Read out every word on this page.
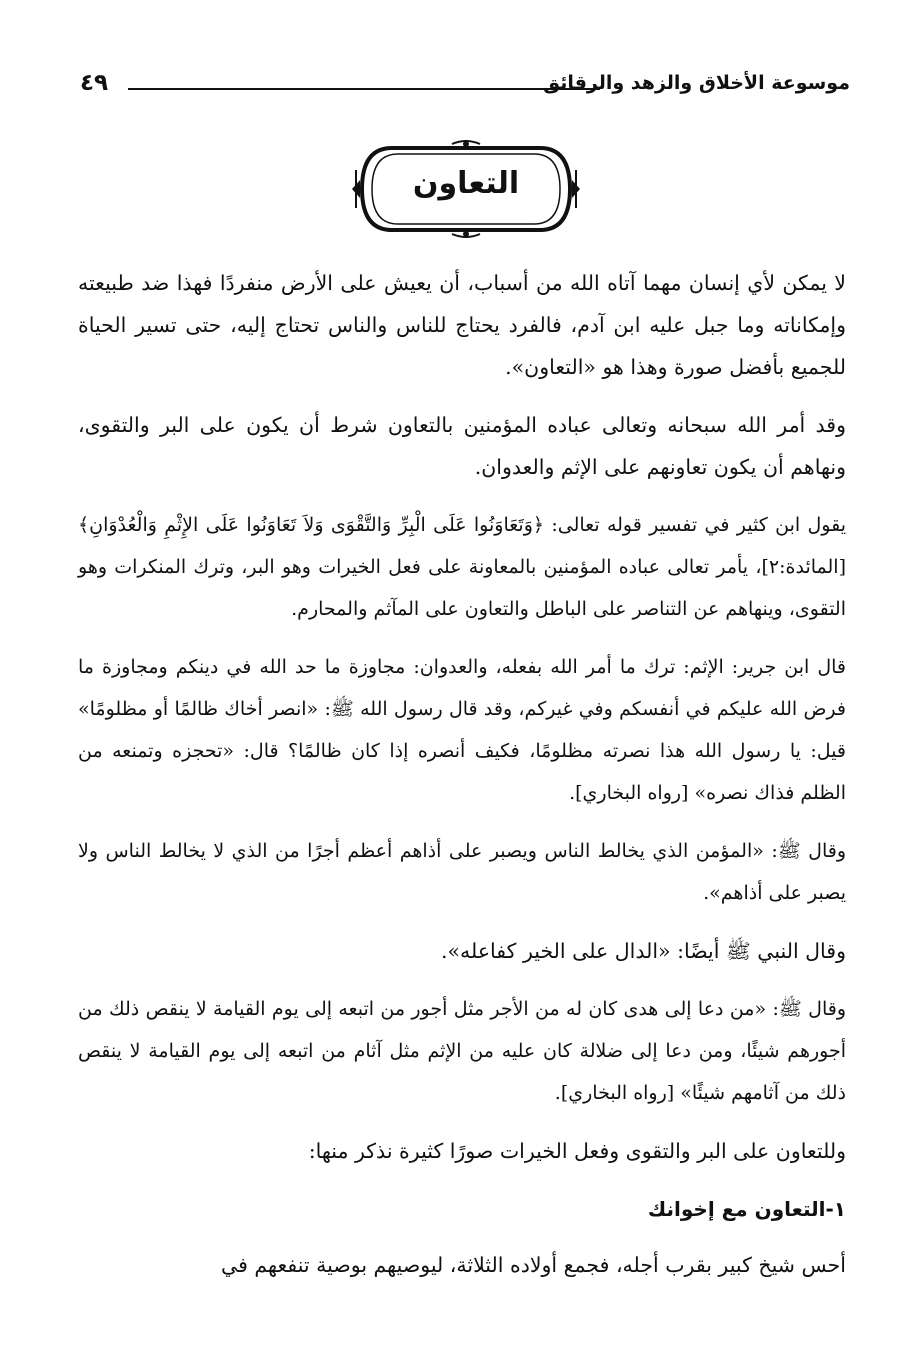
موسوعة الأخلاق والزهد والرقائق
٤٩
التعاون

لا يمكن لأي إنسان مهما آتاه الله من أسباب، أن يعيش على الأرض منفردًا فهذا ضد طبيعته وإمكاناته وما جبل عليه ابن آدم، فالفرد يحتاج للناس والناس تحتاج إليه، حتى تسير الحياة للجميع بأفضل صورة وهذا هو «التعاون».

وقد أمر الله سبحانه وتعالى عباده المؤمنين بالتعاون شرط أن يكون على البر والتقوى، ونهاهم أن يكون تعاونهم على الإثم والعدوان.

يقول ابن كثير في تفسير قوله تعالى: ﴿وَتَعَاوَنُوا عَلَى الْبِرِّ وَالتَّقْوَى وَلاَ تَعَاوَنُوا عَلَى الإِثْمِ وَالْعُدْوَانِ﴾ [المائدة:٢]، يأمر تعالى عباده المؤمنين بالمعاونة على فعل الخيرات وهو البر، وترك المنكرات وهو التقوى، وينهاهم عن التناصر على الباطل والتعاون على المآثم والمحارم.

قال ابن جرير: الإثم: ترك ما أمر الله بفعله، والعدوان: مجاوزة ما حد الله في دينكم ومجاوزة ما فرض الله عليكم في أنفسكم وفي غيركم، وقد قال رسول الله ﷺ: «انصر أخاك ظالمًا أو مظلومًا» قيل: يا رسول الله هذا نصرته مظلومًا، فكيف أنصره إذا كان ظالمًا؟ قال: «تحجزه وتمنعه من الظلم فذاك نصره» [رواه البخاري].

وقال ﷺ: «المؤمن الذي يخالط الناس ويصبر على أذاهم أعظم أجرًا من الذي لا يخالط الناس ولا يصبر على أذاهم».

وقال النبي ﷺ أيضًا: «الدال على الخير كفاعله».

وقال ﷺ: «من دعا إلى هدى كان له من الأجر مثل أجور من اتبعه إلى يوم القيامة لا ينقص ذلك من أجورهم شيئًا، ومن دعا إلى ضلالة كان عليه من الإثم مثل آثام من اتبعه إلى يوم القيامة لا ينقص ذلك من آثامهم شيئًا» [رواه البخاري].

وللتعاون على البر والتقوى وفعل الخيرات صورًا كثيرة نذكر منها:

١-التعاون مع إخوانك

أحس شيخ كبير بقرب أجله، فجمع أولاده الثلاثة، ليوصيهم بوصية تنفعهم في
